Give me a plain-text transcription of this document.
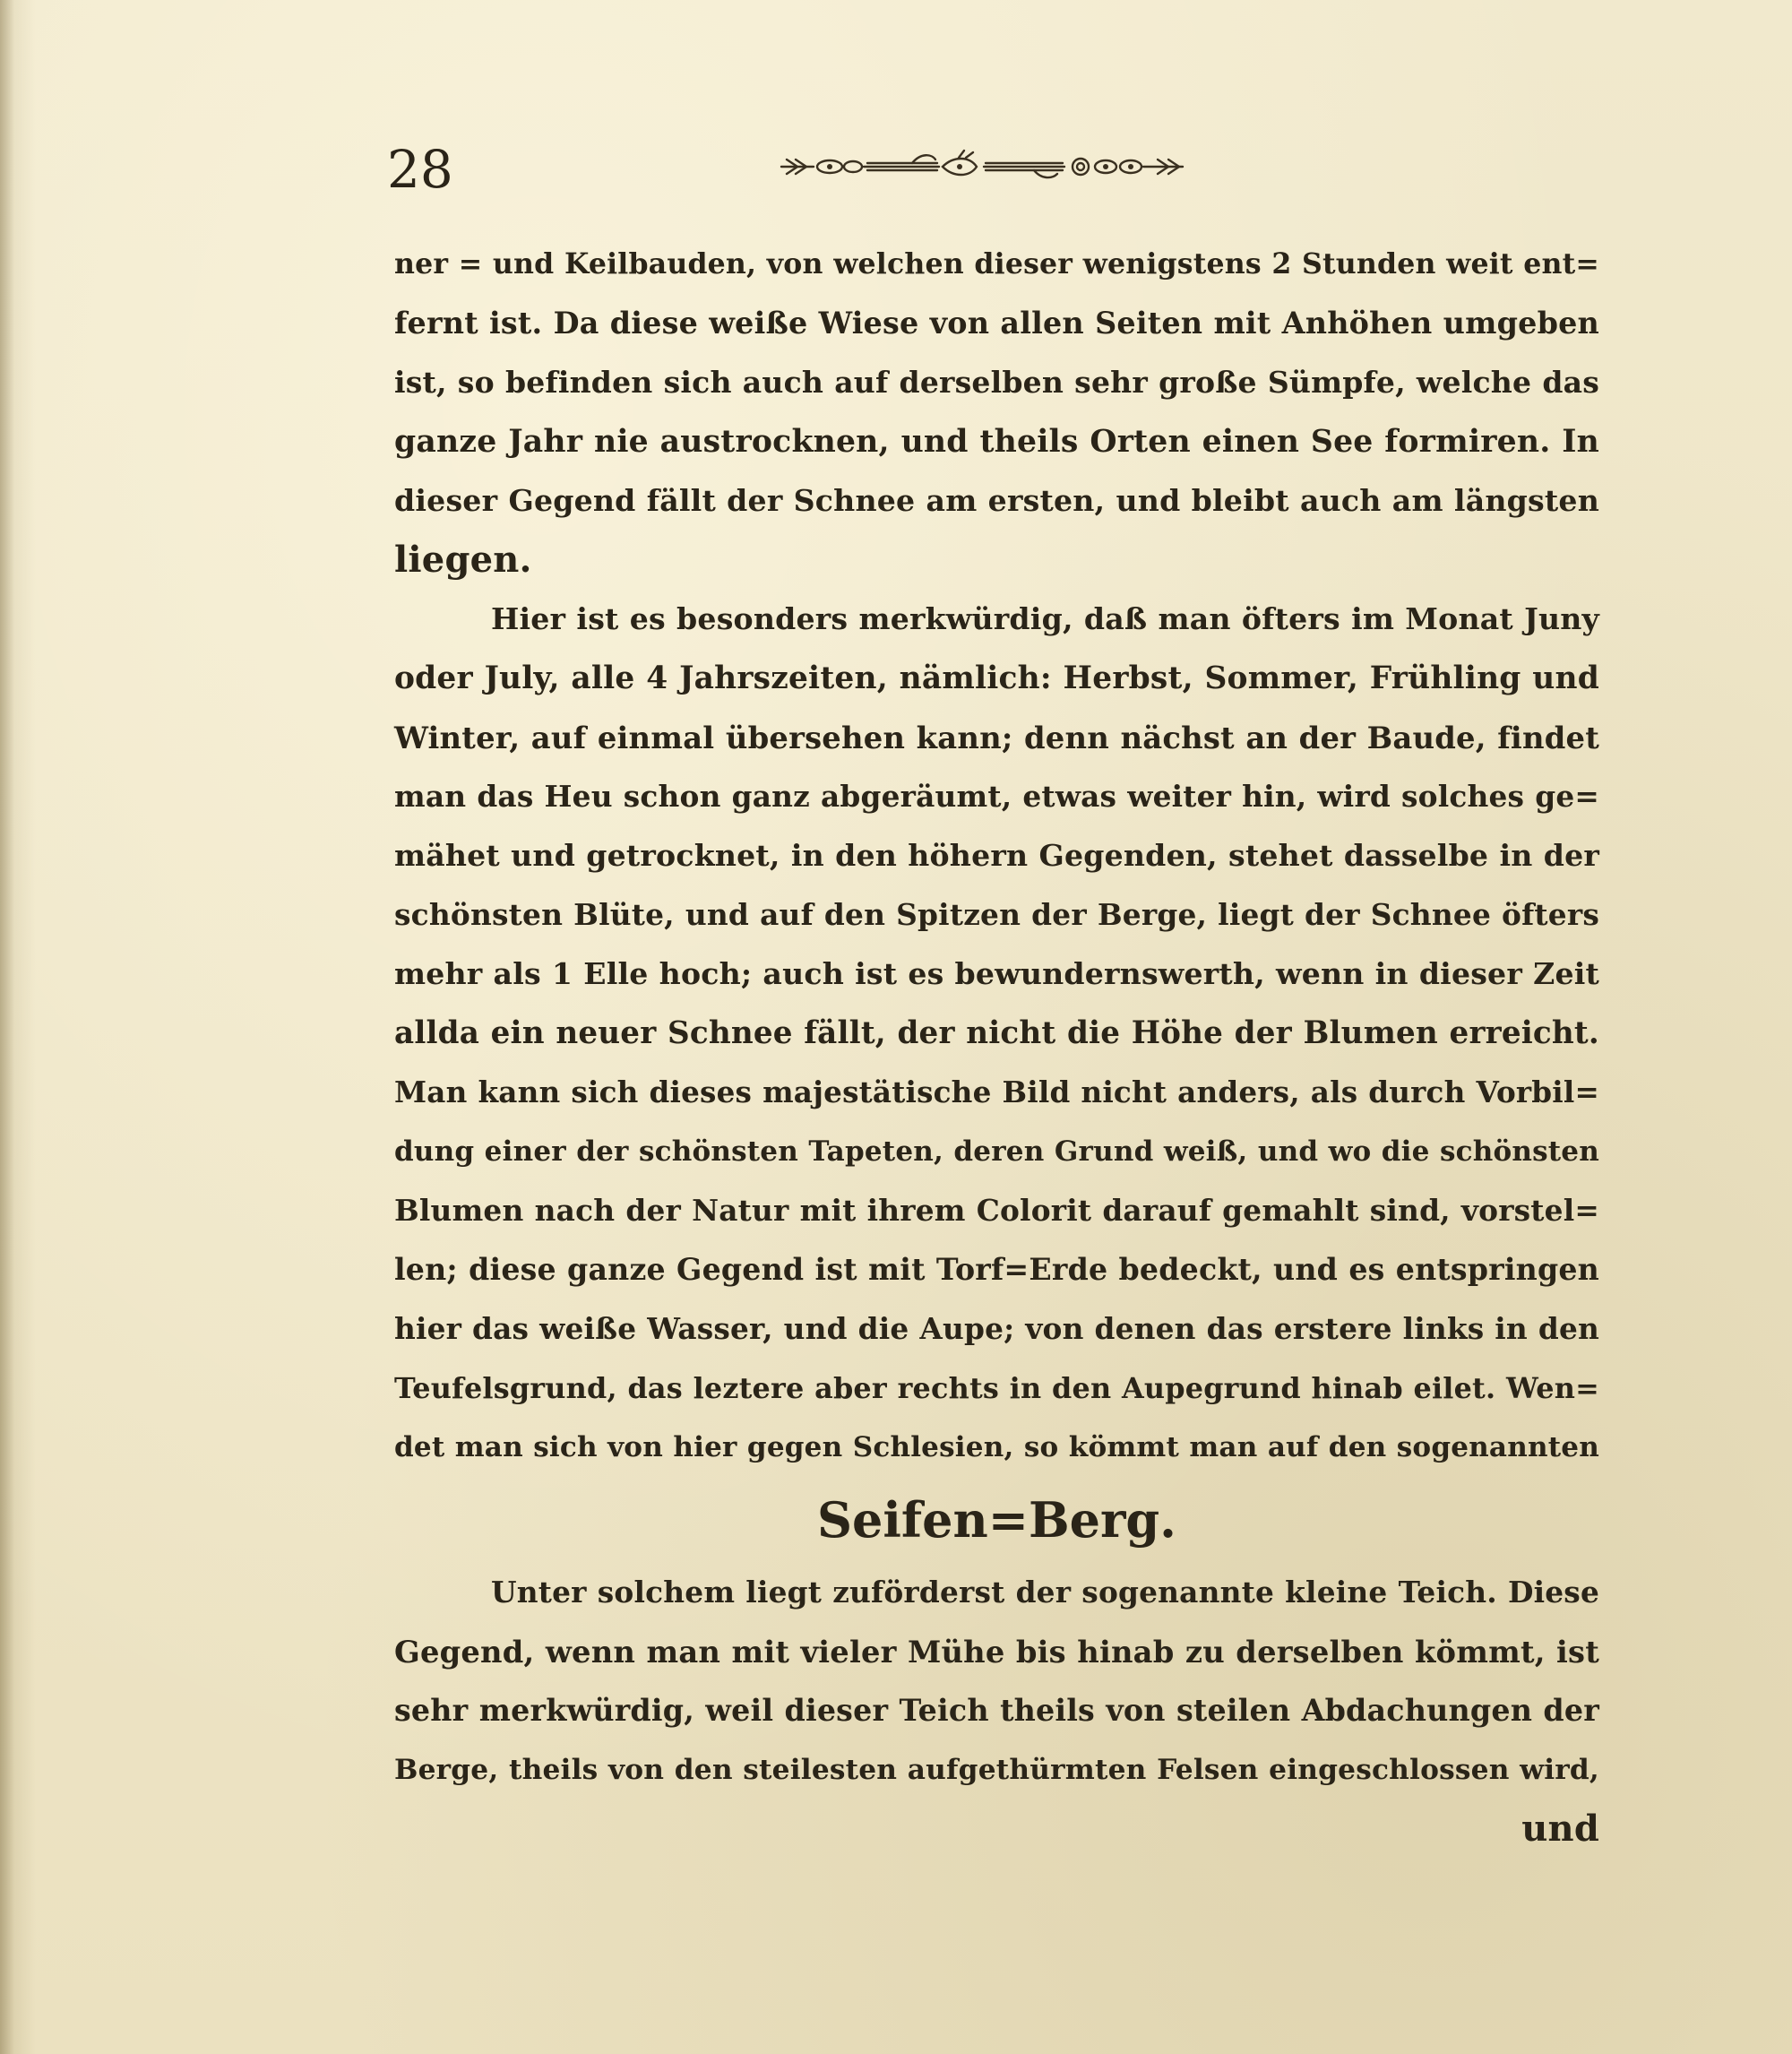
28
ner = und Keilbauden, von welchen dieser wenigstens 2 Stunden weit ent=
fernt ist. Da diese weiße Wiese von allen Seiten mit Anhöhen umgeben
ist, so befinden sich auch auf derselben sehr große Sümpfe, welche das
ganze Jahr nie austrocknen, und theils Orten einen See formiren. In
dieser Gegend fällt der Schnee am ersten, und bleibt auch am längsten
liegen.
Hier ist es besonders merkwürdig, daß man öfters im Monat Juny
oder July, alle 4 Jahrszeiten, nämlich: Herbst, Sommer, Frühling und
Winter, auf einmal übersehen kann; denn nächst an der Baude, findet
man das Heu schon ganz abgeräumt, etwas weiter hin, wird solches ge=
mähet und getrocknet, in den höhern Gegenden, stehet dasselbe in der
schönsten Blüte, und auf den Spitzen der Berge, liegt der Schnee öfters
mehr als 1 Elle hoch; auch ist es bewundernswerth, wenn in dieser Zeit
allda ein neuer Schnee fällt, der nicht die Höhe der Blumen erreicht.
Man kann sich dieses majestätische Bild nicht anders, als durch Vorbil=
dung einer der schönsten Tapeten, deren Grund weiß, und wo die schönsten
Blumen nach der Natur mit ihrem Colorit darauf gemahlt sind, vorstel=
len; diese ganze Gegend ist mit Torf=Erde bedeckt, und es entspringen
hier das weiße Wasser, und die Aupe; von denen das erstere links in den
Teufelsgrund, das leztere aber rechts in den Aupegrund hinab eilet. Wen=
det man sich von hier gegen Schlesien, so kömmt man auf den sogenannten
Seifen=Berg.
Unter solchem liegt zuförderst der sogenannte kleine Teich. Diese
Gegend, wenn man mit vieler Mühe bis hinab zu derselben kömmt, ist
sehr merkwürdig, weil dieser Teich theils von steilen Abdachungen der
Berge, theils von den steilesten aufgethürmten Felsen eingeschlossen wird,
und
